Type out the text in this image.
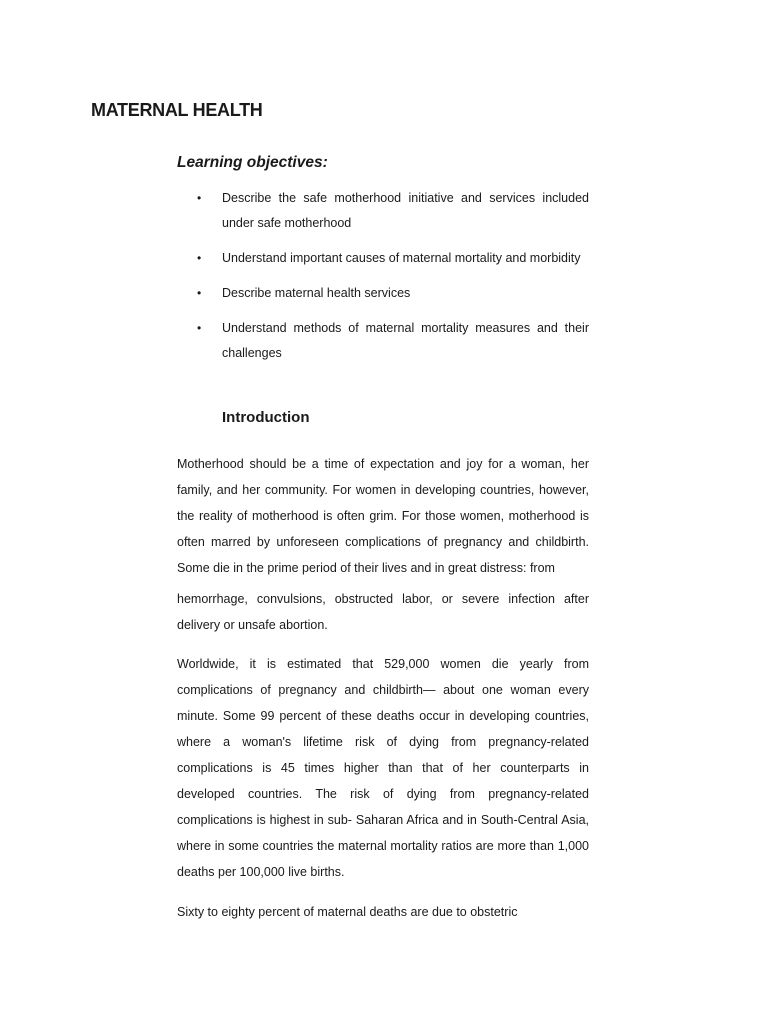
MATERNAL HEALTH
Learning objectives:
• Describe the safe motherhood initiative and services included under safe motherhood
• Understand important causes of maternal mortality and morbidity
• Describe maternal health services
• Understand methods of maternal mortality measures and their challenges
Introduction

Motherhood should be a time of expectation and joy for a woman, her family, and her community. For women in developing countries, however, the reality of motherhood is often grim. For those women, motherhood is often marred by unforeseen complications of pregnancy and childbirth. Some die in the prime period of their lives and in great distress: from

hemorrhage, convulsions, obstructed labor, or severe infection after delivery or unsafe abortion.

Worldwide, it is estimated that 529,000 women die yearly from complications of pregnancy and childbirth— about one woman every minute. Some 99 percent of these deaths occur in developing countries, where a woman's lifetime risk of dying from pregnancy-related complications is 45 times higher than that of her counterparts in developed countries. The risk of dying from pregnancy-related complications is highest in sub- Saharan Africa and in South-Central Asia, where in some countries the maternal mortality ratios are more than 1,000 deaths per 100,000 live births.

Sixty to eighty percent of maternal deaths are due to obstetric
